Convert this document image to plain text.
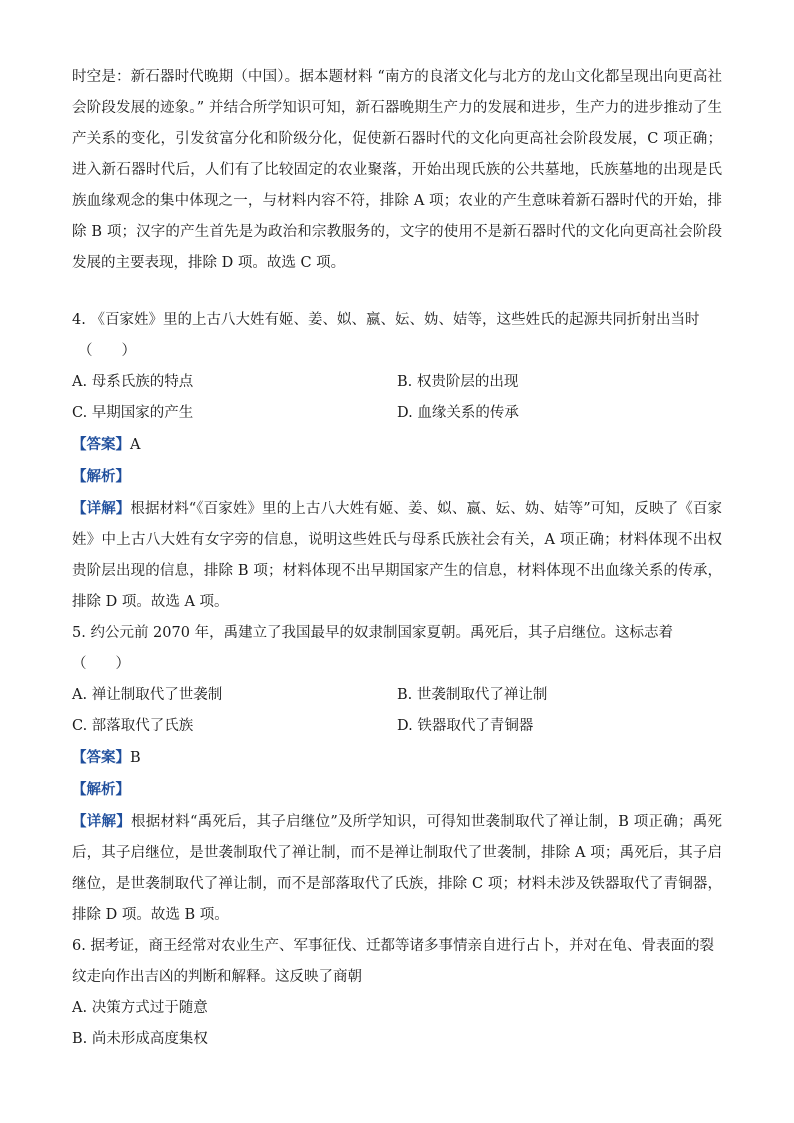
时空是：新石器时代晚期（中国）。据本题材料 “南方的良渚文化与北方的龙山文化都呈现出向更高社会阶段发展的迹象。” 并结合所学知识可知，新石器晚期生产力的发展和进步，生产力的进步推动了生产关系的变化，引发贫富分化和阶级分化，促使新石器时代的文化向更高社会阶段发展，C 项正确；进入新石器时代后，人们有了比较固定的农业聚落，开始出现氏族的公共墓地，氏族墓地的出现是氏族血缘观念的集中体现之一，与材料内容不符，排除 A 项；农业的产生意味着新石器时代的开始，排除 B 项；汉字的产生首先是为政治和宗教服务的，文字的使用不是新石器时代的文化向更高社会阶段发展的主要表现，排除 D 项。故选 C 项。

4. 《百家姓》里的上古八大姓有姬、姜、姒、嬴、妘、妫、姞等，这些姓氏的起源共同折射出当时

（　　）

A. 母系氏族的特点	B. 权贵阶层的出现
C. 早期国家的产生	D. 血缘关系的传承

【答案】A

【解析】

【详解】根据材料“《百家姓》里的上古八大姓有姬、姜、姒、嬴、妘、妫、姞等”可知，反映了《百家姓》中上古八大姓有女字旁的信息，说明这些姓氏与母系氏族社会有关，A 项正确；材料体现不出权贵阶层出现的信息，排除 B 项；材料体现不出早期国家产生的信息，材料体现不出血缘关系的传承，排除 D 项。故选 A 项。

5. 约公元前 2070 年，禹建立了我国最早的奴隶制国家夏朝。禹死后，其子启继位。这标志着（　　）

A. 禅让制取代了世袭制	B. 世袭制取代了禅让制
C. 部落取代了氏族	D. 铁器取代了青铜器

【答案】B

【解析】

【详解】根据材料“禹死后，其子启继位”及所学知识，可得知世袭制取代了禅让制，B 项正确；禹死后，其子启继位，是世袭制取代了禅让制，而不是禅让制取代了世袭制，排除 A 项；禹死后，其子启继位，是世袭制取代了禅让制，而不是部落取代了氏族，排除 C 项；材料未涉及铁器取代了青铜器，排除 D 项。故选 B 项。

6. 据考证，商王经常对农业生产、军事征伐、迁都等诸多事情亲自进行占卜，并对在龟、骨表面的裂纹走向作出吉凶的判断和解释。这反映了商朝

A. 决策方式过于随意
B. 尚未形成高度集权
